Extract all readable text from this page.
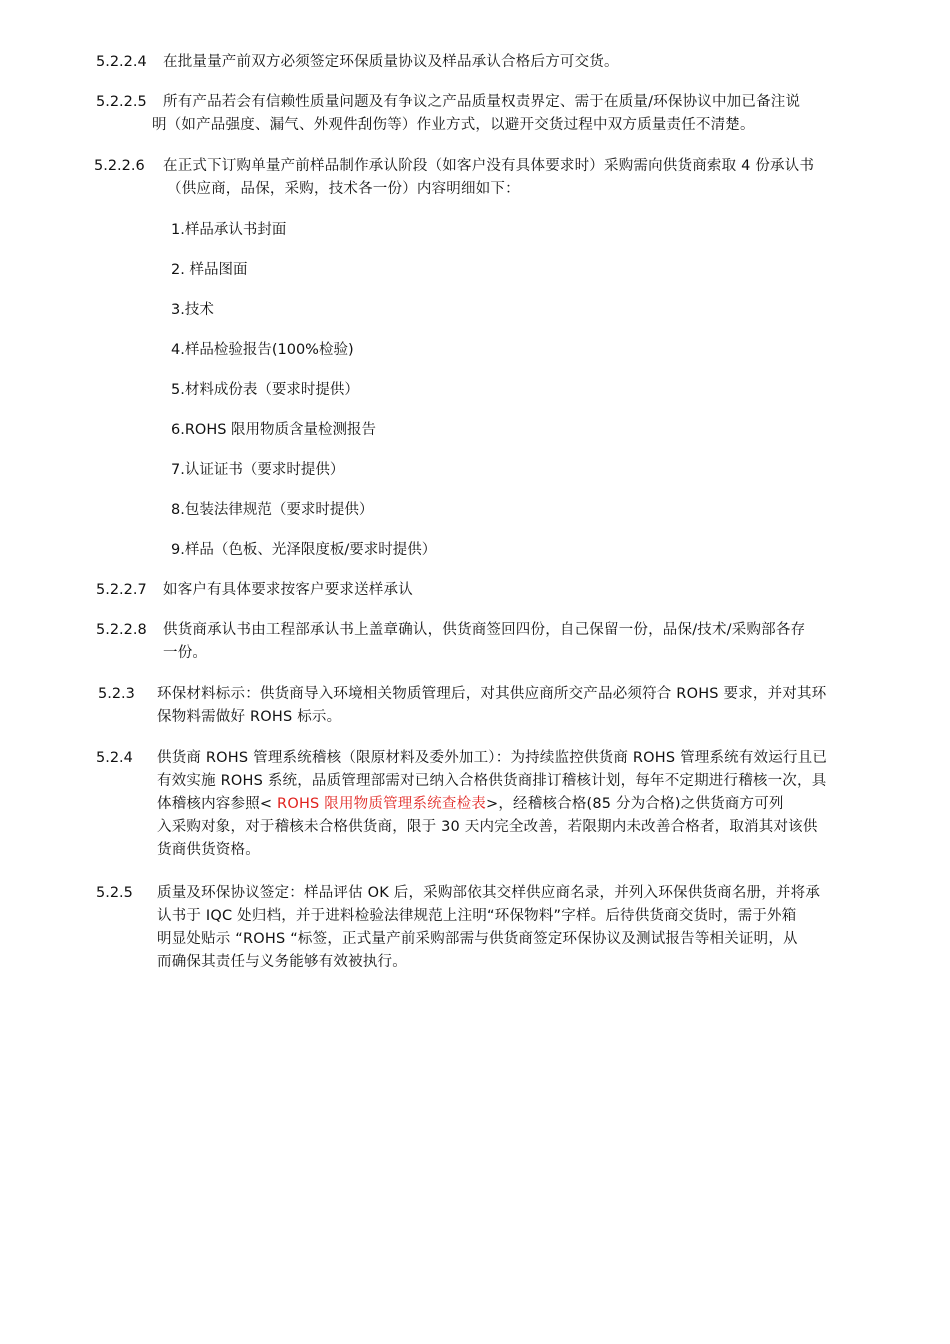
5.2.2.4 在批量量产前双方必须签定环保质量协议及样品承认合格后方可交货。
5.2.2.5 所有产品若会有信赖性质量问题及有争议之产品质量权责界定、需于在质量/环保协议中加已备注说
明（如产品强度、漏气、外观件刮伤等）作业方式，以避开交货过程中双方质量责任不清楚。
5.2.2.6 在正式下订购单量产前样品制作承认阶段（如客户没有具体要求时）采购需向供货商索取 4 份承认书
（供应商，品保，采购，技术各一份）内容明细如下：
1.样品承认书封面
2. 样品图面
3.技术
4.样品检验报告(100%检验)
5.材料成份表（要求时提供）
6.ROHS 限用物质含量检测报告
7.认证证书（要求时提供）
8.包装法律规范（要求时提供）
9.样品（色板、光泽限度板/要求时提供）
5.2.2.7 如客户有具体要求按客户要求送样承认
5.2.2.8 供货商承认书由工程部承认书上盖章确认，供货商签回四份，自己保留一份，品保/技术/采购部各存
一份。
5.2.3 环保材料标示：供货商导入环境相关物质管理后，对其供应商所交产品必须符合 ROHS 要求，并对其环
保物料需做好 ROHS 标示。
5.2.4 供货商 ROHS 管理系统稽核（限原材料及委外加工）：为持续监控供货商 ROHS 管理系统有效运行且已
有效实施 ROHS 系统，品质管理部需对已纳入合格供货商排订稽核计划，每年不定期进行稽核一次，具
体稽核内容参照< ROHS 限用物质管理系统查检表>，经稽核合格(85 分为合格)之供货商方可列
入采购对象，对于稽核未合格供货商，限于 30 天内完全改善，若限期内未改善合格者，取消其对该供
货商供货资格。
5.2.5 质量及环保协议签定：样品评估 OK 后，采购部依其交样供应商名录，并列入环保供货商名册，并将承
认书于 IQC 处归档，并于进料检验法律规范上注明“环保物料”字样。后待供货商交货时，需于外箱
明显处贴示 “ROHS “标签，正式量产前采购部需与供货商签定环保协议及测试报告等相关证明，从
而确保其责任与义务能够有效被执行。
